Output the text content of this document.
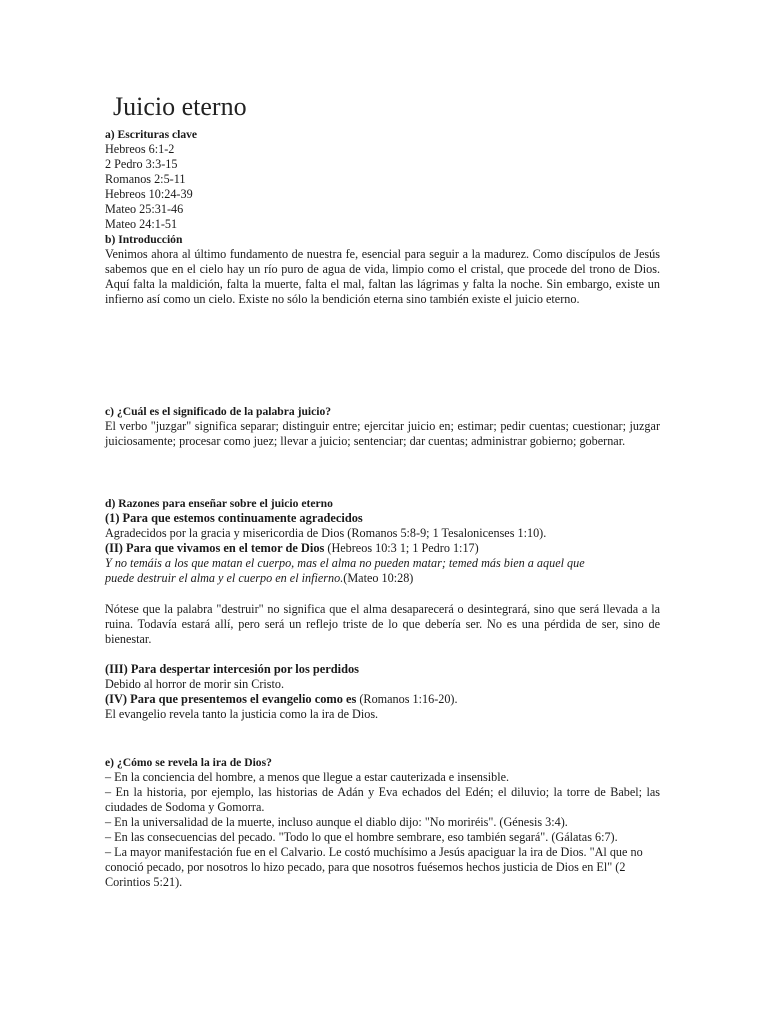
Juicio eterno
a) Escrituras clave
Hebreos 6:1-2
2 Pedro 3:3-15
Romanos 2:5-11
Hebreos 10:24-39
Mateo 25:31-46
Mateo 24:1-51
b) Introducción

Venimos ahora al último fundamento de nuestra fe, esencial para seguir a la madurez. Como discípulos de Jesús sabemos que en el cielo hay un río puro de agua de vida, limpio como el cristal, que procede del trono de Dios. Aquí falta la maldición, falta la muerte, falta el mal, faltan las lágrimas y falta la noche. Sin embargo, existe un infierno así como un cielo. Existe no sólo la bendición eterna sino también existe el juicio eterno.

c) ¿Cuál es el significado de la palabra juicio?

El verbo "juzgar" significa separar; distinguir entre; ejercitar juicio en; estimar; pedir cuentas; cuestionar; juzgar juiciosamente; procesar como juez; llevar a juicio; sentenciar; dar cuentas; administrar gobierno; gobernar.

d) Razones para enseñar sobre el juicio eterno
(1) Para que estemos continuamente agradecidos
Agradecidos por la gracia y misericordia de Dios (Romanos 5:8-9; 1 Tesalonicenses 1:10).
(II) Para que vivamos en el temor de Dios (Hebreos 10:3 1; 1 Pedro 1:17)
Y no temáis a los que matan el cuerpo, mas el alma no pueden matar; temed más bien a aquel que
puede destruir el alma y el cuerpo en el infierno.(Mateo 10:28)

Nótese que la palabra "destruir" no significa que el alma desaparecerá o desintegrará, sino que será llevada a la ruina. Todavía estará allí, pero será un reflejo triste de lo que debería ser. No es una pérdida de ser, sino de bienestar.

(III) Para despertar intercesión por los perdidos
Debido al horror de morir sin Cristo.
(IV) Para que presentemos el evangelio como es (Romanos 1:16-20).
El evangelio revela tanto la justicia como la ira de Dios.
e) ¿Cómo se revela la ira de Dios?
– En la conciencia del hombre, a menos que llegue a estar cauterizada e insensible.
– En la historia, por ejemplo, las historias de Adán y Eva echados del Edén; el diluvio; la torre de Babel; las ciudades de Sodoma y Gomorra.
– En la universalidad de la muerte, incluso aunque el diablo dijo: "No moriréis". (Génesis 3:4).
– En las consecuencias del pecado. "Todo lo que el hombre sembrare, eso también segará". (Gálatas 6:7).
– La mayor manifestación fue en el Calvario. Le costó muchísimo a Jesús apaciguar la ira de Dios. "Al que no conoció pecado, por nosotros lo hizo pecado, para que nosotros fuésemos hechos justicia de Dios en El" (2 Corintios 5:21).
